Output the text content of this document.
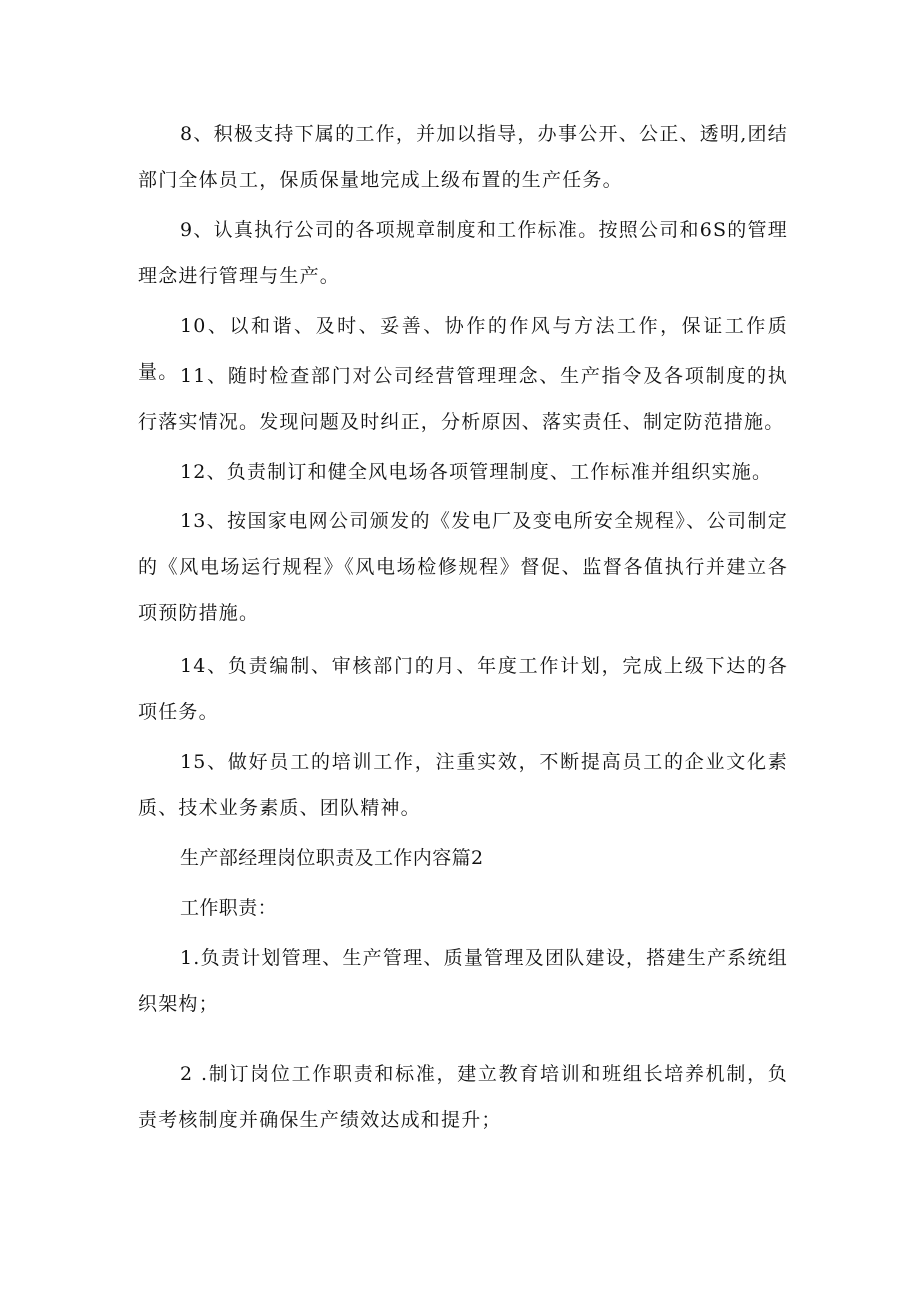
8、积极支持下属的工作，并加以指导，办事公开、公正、透明,团结部门全体员工，保质保量地完成上级布置的生产任务。

9、认真执行公司的各项规章制度和工作标准。按照公司和6S的管理理念进行管理与生产。

10、以和谐、及时、妥善、协作的作风与方法工作，保证工作质量。 11、随时检查部门对公司经营管理理念、生产指令及各项制度的执行落实情况。发现问题及时纠正，分析原因、落实责任、制定防范措施。

12、负责制订和健全风电场各项管理制度、工作标准并组织实施。

13、按国家电网公司颁发的《发电厂及变电所安全规程》、公司制定的《风电场运行规程》《风电场检修规程》督促、监督各值执行并建立各项预防措施。

14、负责编制、审核部门的月、年度工作计划，完成上级下达的各项任务。

15、做好员工的培训工作，注重实效，不断提高员工的企业文化素质、技术业务素质、团队精神。

生产部经理岗位职责及工作内容篇2

工作职责：

1.负责计划管理、生产管理、质量管理及团队建设，搭建生产系统组织架构；

2 .制订岗位工作职责和标准，建立教育培训和班组长培养机制，负责考核制度并确保生产绩效达成和提升；
